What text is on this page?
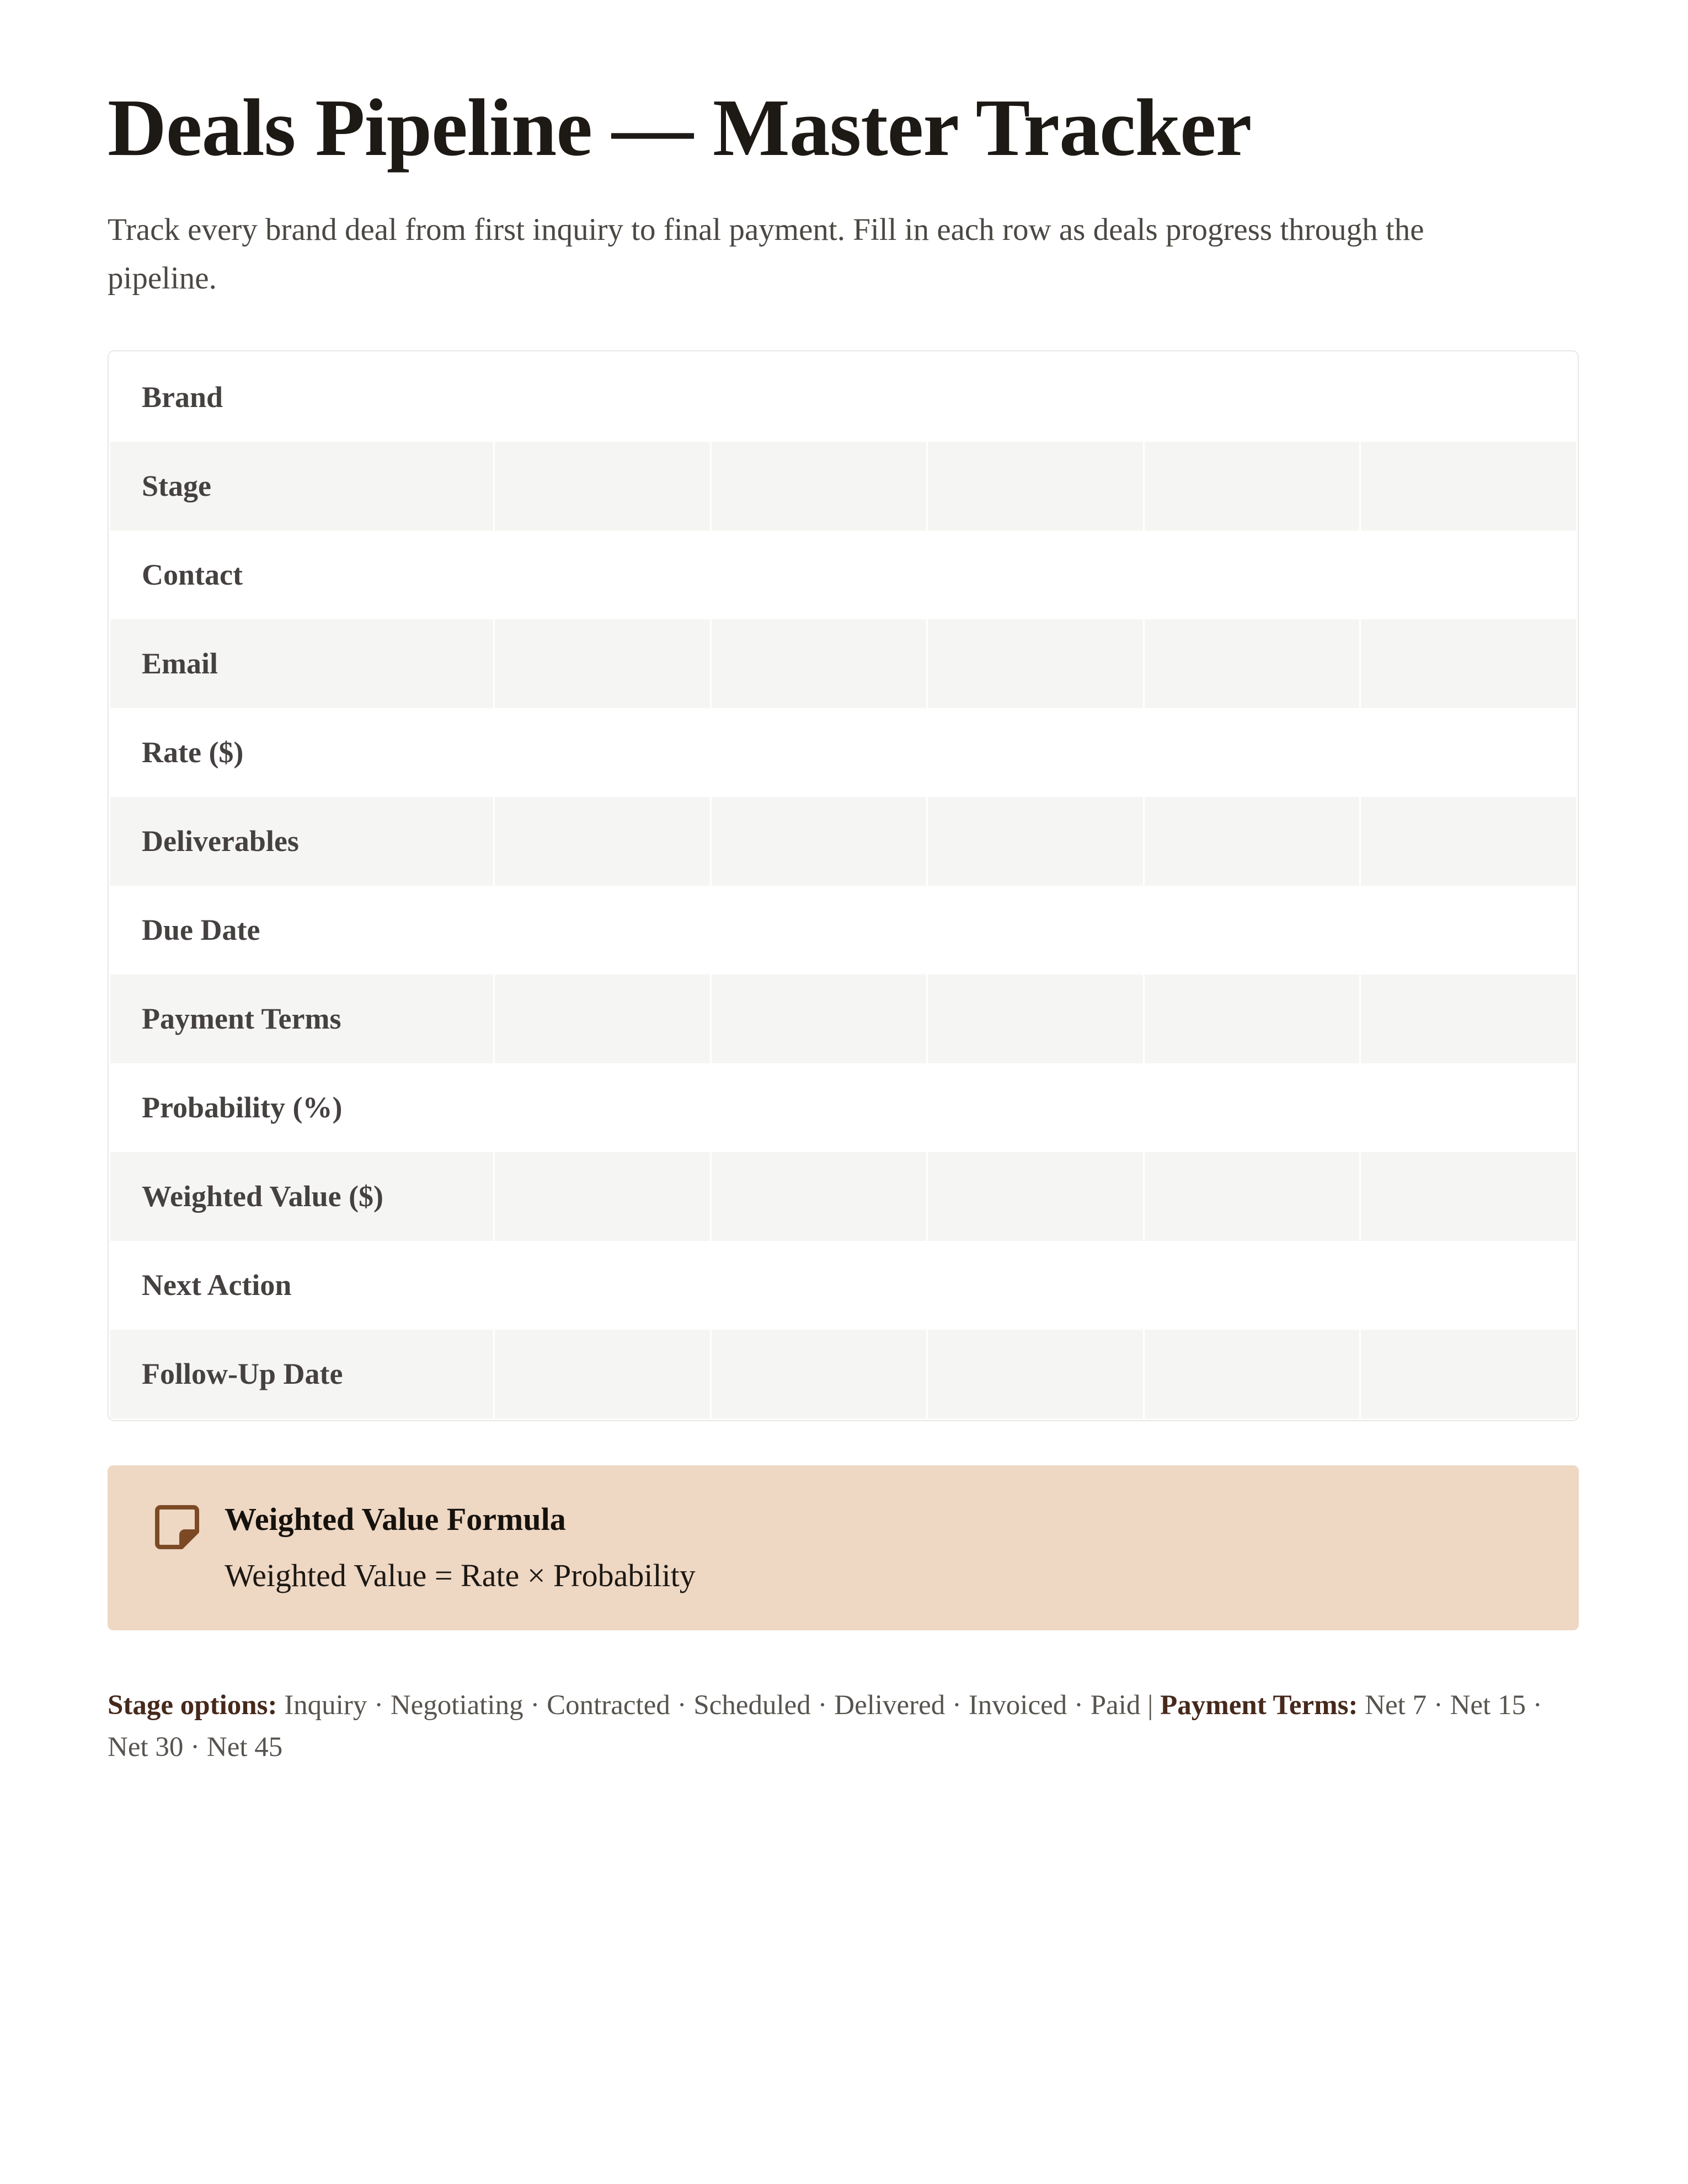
Deals Pipeline — Master Tracker

Track every brand deal from first inquiry to final payment. Fill in each row as deals progress through the pipeline.

Brand
Stage
Contact
Email
Rate ($)
Deliverables
Due Date
Payment Terms
Probability (%)
Weighted Value ($)
Next Action
Follow-Up Date
Weighted Value Formula
Weighted Value = Rate × Probability

Stage options: Inquiry · Negotiating · Contracted · Scheduled · Delivered · Invoiced · Paid | Payment Terms: Net 7 · Net 15 · Net 30 · Net 45
